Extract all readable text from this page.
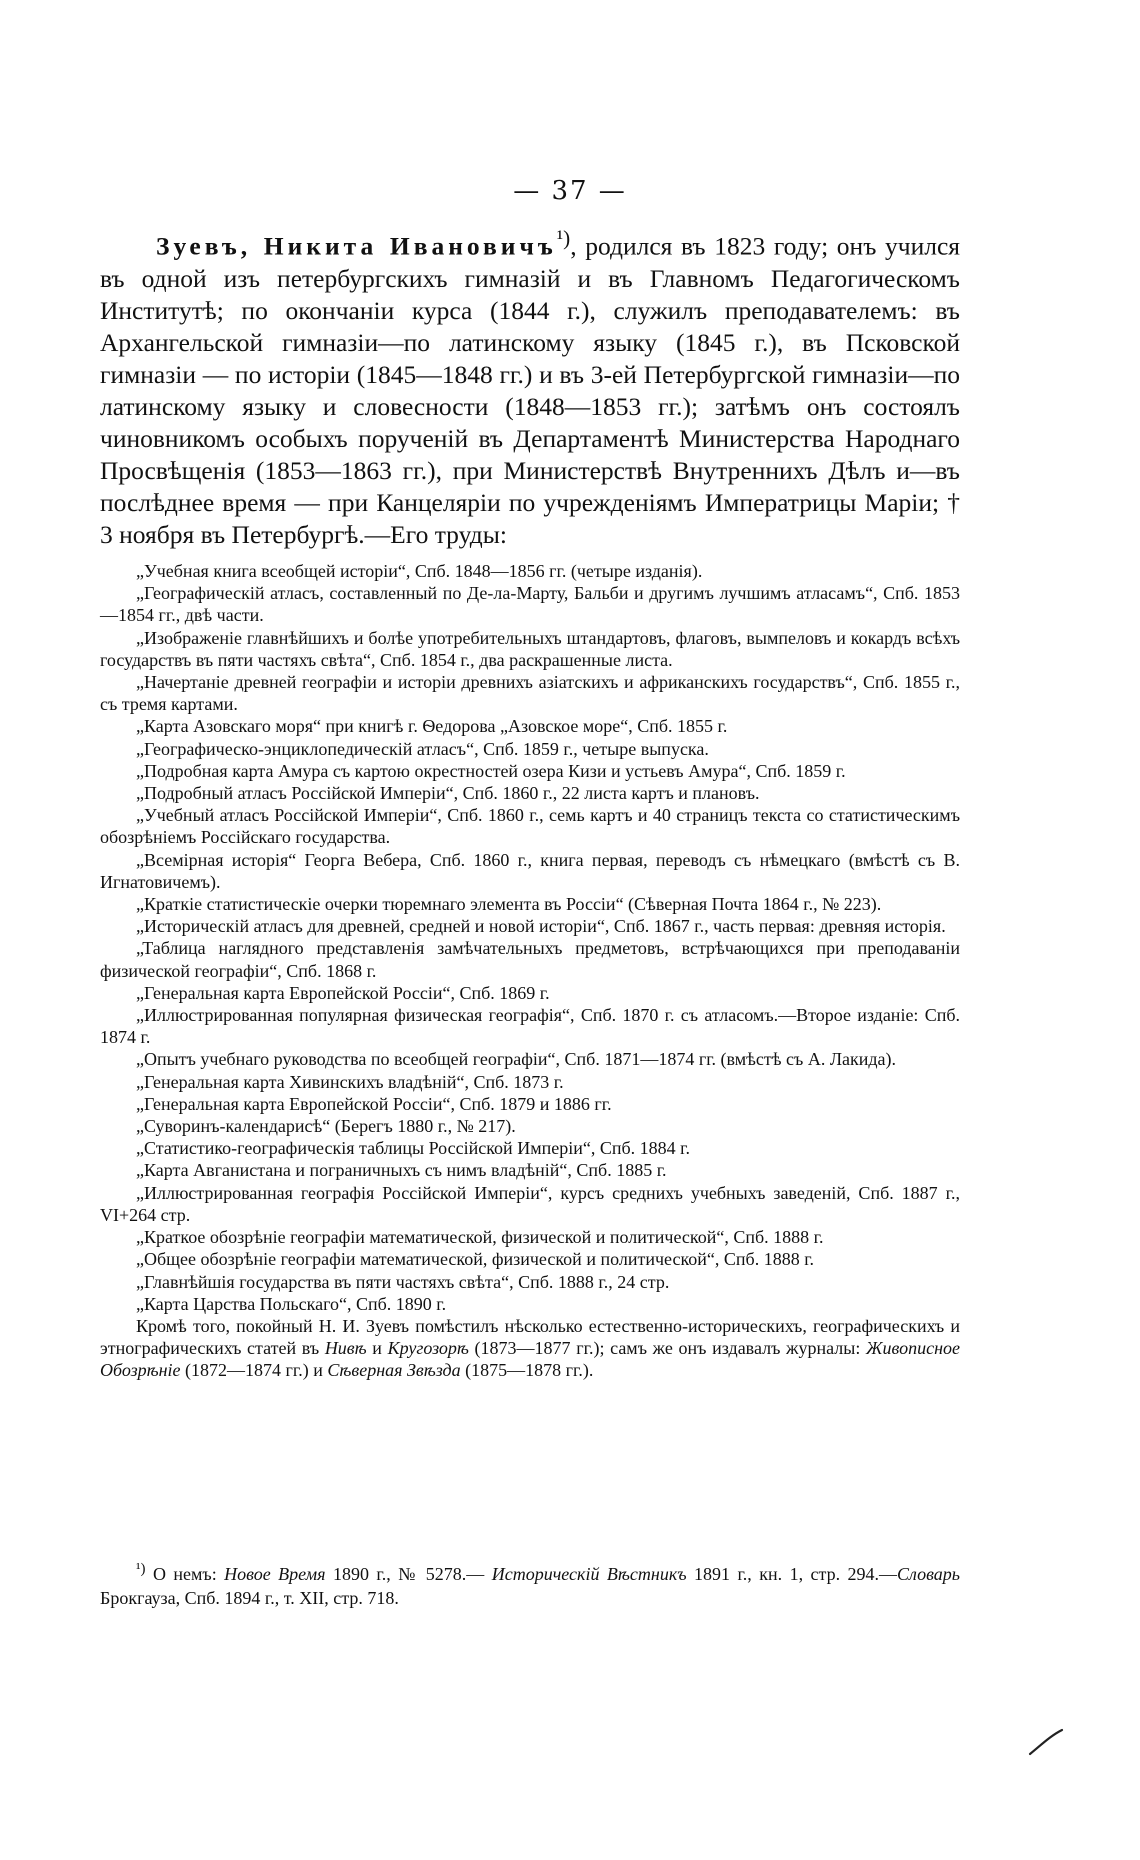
— 37 —

Зуевъ, Никита Ивановичъ$^{^1)}$, родился въ 1823 году; онъ учился въ одной изъ петербургскихъ гимназій и въ Главномъ Педагогическомъ Институтѣ; по окончаніи курса (1844 г.), служилъ преподавателемъ: въ Архангельской гимназіи—по латинскому языку (1845 г.), въ Псковской гимназіи — по исторіи (1845—1848 гг.) и въ 3-ей Петербургской гимназіи—по латинскому языку и словесности (1848—1853 гг.); затѣмъ онъ состоялъ чиновникомъ особыхъ порученій въ Департаментѣ Министерства Народнаго Просвѣщенія (1853—1863 гг.), при Министерствѣ Внутреннихъ Дѣлъ и—въ послѣднее время — при Канцеляріи по учрежденіямъ Императрицы Маріи; † 3 ноября въ Петербургѣ.—Его труды:

„Учебная книга всеобщей исторіи“, Спб. 1848—1856 гг. (четыре изданія).

„Географическій атласъ, составленный по Де-ла-Марту, Бальби и другимъ лучшимъ атласамъ“, Спб. 1853—1854 гг., двѣ части.

„Изображеніе главнѣйшихъ и болѣе употребительныхъ штандартовъ, флаговъ, вымпеловъ и кокардъ всѣхъ государствъ въ пяти частяхъ свѣта“, Спб. 1854 г., два раскрашенные листа.

„Начертаніе древней географіи и исторіи древнихъ азіатскихъ и африканскихъ государствъ“, Спб. 1855 г., съ тремя картами.

„Карта Азовскаго моря“ при книгѣ г. Ѳедорова „Азовское море“, Спб. 1855 г.

„Географическо-энциклопедическій атласъ“, Спб. 1859 г., четыре выпуска.

„Подробная карта Амура съ картою окрестностей озера Кизи и устьевъ Амура“, Спб. 1859 г.

„Подробный атласъ Россійской Имперіи“, Спб. 1860 г., 22 листа картъ и плановъ.

„Учебный атласъ Россійской Имперіи“, Спб. 1860 г., семь картъ и 40 страницъ текста со статистическимъ обозрѣніемъ Россійскаго государства.

„Всемірная исторія“ Георга Вебера, Спб. 1860 г., книга первая, переводъ съ нѣмецкаго (вмѣстѣ съ В. Игнатовичемъ).

„Краткіе статистическіе очерки тюремнаго элемента въ Россіи“ (Сѣверная Почта 1864 г., № 223).

„Историческій атласъ для древней, средней и новой исторіи“, Спб. 1867 г., часть первая: древняя исторія.

„Таблица наглядного представленія замѣчательныхъ предметовъ, встрѣчающихся при преподаваніи физической географіи“, Спб. 1868 г.

„Генеральная карта Европейской Россіи“, Спб. 1869 г.

„Иллюстрированная популярная физическая географія“, Спб. 1870 г. съ атласомъ.—Второе изданіе: Спб. 1874 г.

„Опытъ учебнаго руководства по всеобщей географіи“, Спб. 1871—1874 гг. (вмѣстѣ съ А. Лакида).

„Генеральная карта Хивинскихъ владѣній“, Спб. 1873 г.

„Генеральная карта Европейской Россіи“, Спб. 1879 и 1886 гг.

„Суворинъ-календарисѣ“ (Берегъ 1880 г., № 217).

„Статистико-географическія таблицы Россійской Имперіи“, Спб. 1884 г.

„Карта Авганистана и пограничныхъ съ нимъ владѣній“, Спб. 1885 г.

„Иллюстрированная географія Россійской Имперіи“, курсъ среднихъ учебныхъ заведеній, Спб. 1887 г., VI+264 стр.

„Краткое обозрѣніе географіи математической, физической и политической“, Спб. 1888 г.

„Общее обозрѣніе географіи математической, физической и политической“, Спб. 1888 г.

„Главнѣйшія государства въ пяти частяхъ свѣта“, Спб. 1888 г., 24 стр.

„Карта Царства Польскаго“, Спб. 1890 г.

Кромѣ того, покойный Н. И. Зуевъ помѣстилъ нѣсколько естественно-историческихъ, географическихъ и этнографическихъ статей въ Нивѣ и Кругозорѣ (1873—1877 гг.); самъ же онъ издавалъ журналы: Живописное Обозрѣніе (1872—1874 гг.) и Сѣверная Звѣзда (1875—1878 гг.).

$^{^1)}$ О немъ: Новое Время 1890 г., № 5278.— Историческій Вѣстникъ 1891 г., кн. 1, стр. 294.—Словарь Брокгауза, Спб. 1894 г., т. XII, стр. 718.
